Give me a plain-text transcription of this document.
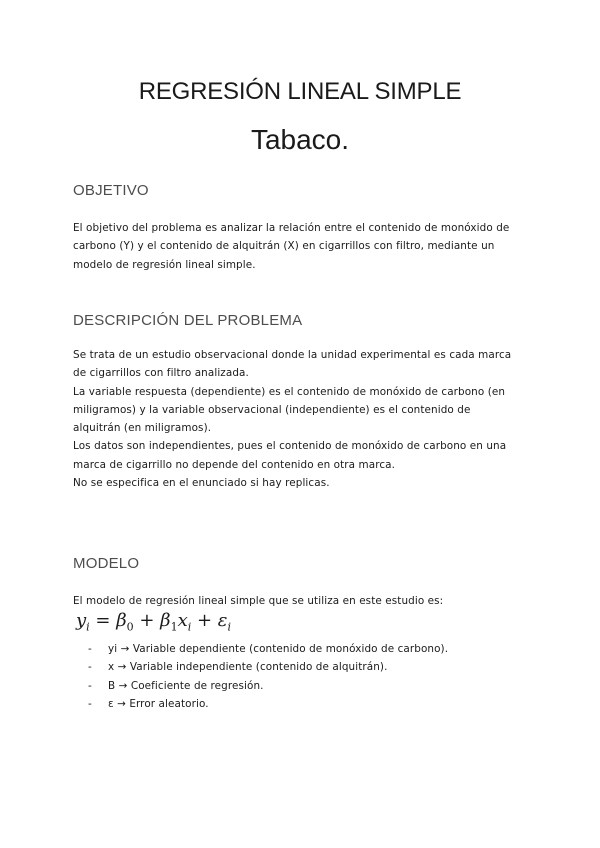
REGRESIÓN LINEAL SIMPLE
Tabaco.
OBJETIVO

El objetivo del problema es analizar la relación entre el contenido de monóxido de
carbono (Y) y el contenido de alquitrán (X) en cigarrillos con filtro, mediante un
modelo de regresión lineal simple.

DESCRIPCIÓN DEL PROBLEMA

Se trata de un estudio observacional donde la unidad experimental es cada marca
de cigarrillos con filtro analizada.
La variable respuesta (dependiente) es el contenido de monóxido de carbono (en
miligramos) y la variable observacional (independiente) es el contenido de
alquitrán (en miligramos).
Los datos son independientes, pues el contenido de monóxido de carbono en una
marca de cigarrillo no depende del contenido en otra marca.
No se especifica en el enunciado si hay replicas.

MODELO

El modelo de regresión lineal simple que se utiliza en este estudio es:

$y_i = \beta_0 + \beta_1x_i + \varepsilon_i$
- yi → Variable dependiente (contenido de monóxido de carbono).
- x → Variable independiente (contenido de alquitrán).
- Β → Coeficiente de regresión.
- ε → Error aleatorio.
